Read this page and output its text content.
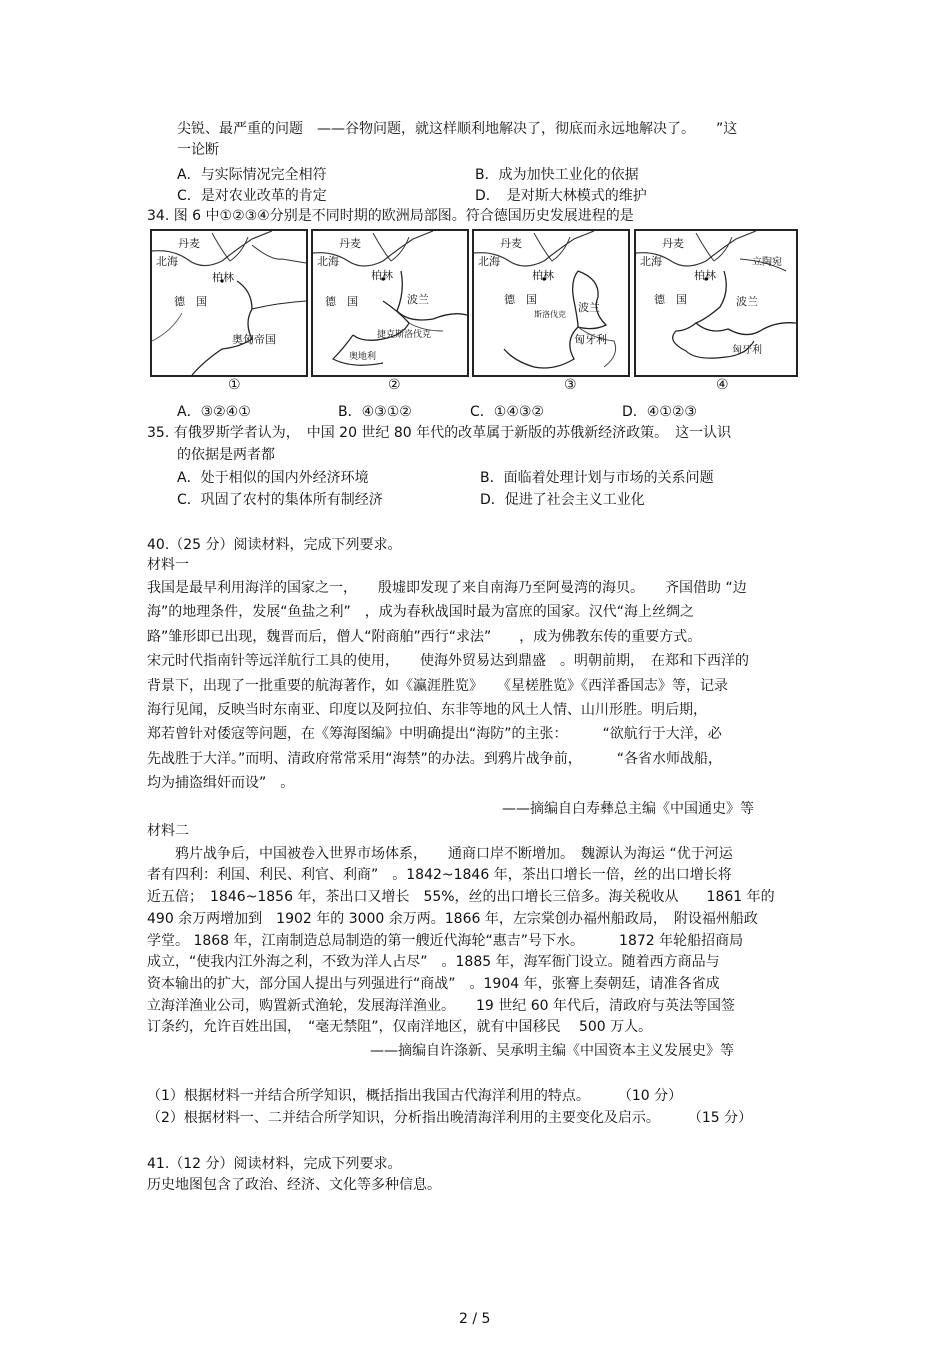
尖锐、最严重的问题　——谷物问题，就这样顺利地解决了，彻底而永远地解决了。　　”这
一论断
A．与实际情况完全相符	B．成为加快工业化的依据
C．是对农业改革的肯定	D．　是对斯大林模式的维护
34. 图 6 中①②③④分别是不同时期的欧洲局部图。符合德国历史发展进程的是
丹麦
北海
柏林
德　国
奥匈帝国
丹麦
北海
柏林
德　国	波兰
捷克斯洛伐克
奥地利
丹麦
北海
柏林
德　国
波兰
斯洛伐克
匈牙利
丹麦
北海
柏林
德　国	波兰
立陶宛
匈牙利
①	②	③	④
A．③②④①	B．④③①②	C．①④③②	D．④①②③
35. 有俄罗斯学者认为，　中国 20 世纪 80 年代的改革属于新版的苏俄新经济政策。　这一认识
的依据是两者都
A．处于相似的国内外经济环境	B．面临着处理计划与市场的关系问题
C．巩固了农村的集体所有制经济	D．促进了社会主义工业化
40.（25 分）阅读材料，完成下列要求。
材料一
我国是最早利用海洋的国家之一，　　殷墟即发现了来自南海乃至阿曼湾的海贝。　　齐国借助 “边
海”的地理条件，发展“鱼盐之利”　，成为春秋战国时最为富庶的国家。汉代“海上丝绸之
路”雏形即已出现，魏晋而后，僧人“附商舶”西行“求法”　　，成为佛教东传的重要方式。
宋元时代指南针等远洋航行工具的使用，　　使海外贸易达到鼎盛　。明朝前期，　在郑和下西洋的
背景下，出现了一批重要的航海著作，如《瀛涯胜览》　　《星槎胜览》《西洋番国志》等，记录
海行见闻，反映当时东南亚、印度以及阿拉伯、东非等地的风土人情、山川形胜。明后期，
郑若曾针对倭寇等问题，在《筹海图编》中明确提出“海防”的主张：　　　“欲航行于大洋，必
先战胜于大洋。”而明、清政府常常采用“海禁”的办法。到鸦片战争前，　　　“各省水师战船，
均为捕盗缉奸而设”　。
——摘编自白寿彝总主编《中国通史》等
材料二
　　鸦片战争后，中国被卷入世界市场体系，　　通商口岸不断增加。　魏源认为海运 “优于河运
者有四利：利国、利民、利官、利商”　。1842~1846 年，茶出口增长一倍，丝的出口增长将
近五倍；　1846~1856 年，茶出口又增长　55%，丝的出口增长三倍多。海关税收从　　1861 年的
490 余万两增加到　1902 年的 3000 余万两。1866 年，左宗棠创办福州船政局，　附设福州船政
学堂。 1868 年，江南制造总局制造的第一艘近代海轮“惠吉”号下水。　　　1872 年轮船招商局
成立，“使我内江外海之利，不致为洋人占尽”　。1885 年，海军衙门设立。随着西方商品与
资本输出的扩大，部分国人提出与列强进行“商战”　。1904 年，张謇上奏朝廷，请准各省成
立海洋渔业公司，购置新式渔轮，发展海洋渔业。　　19 世纪 60 年代后，清政府与英法等国签
订条约，允许百姓出国，　“毫无禁阻”，仅南洋地区，就有中国移民　 500 万人。
——摘编自许涤新、吴承明主编《中国资本主义发展史》等
（1）根据材料一并结合所学知识，概括指出我国古代海洋利用的特点。　　　（10 分）
（2）根据材料一、二并结合所学知识，分析指出晚清海洋利用的主要变化及启示。　　　（15 分）
41.（12 分）阅读材料，完成下列要求。
历史地图包含了政治、经济、文化等多种信息。
2 / 5
